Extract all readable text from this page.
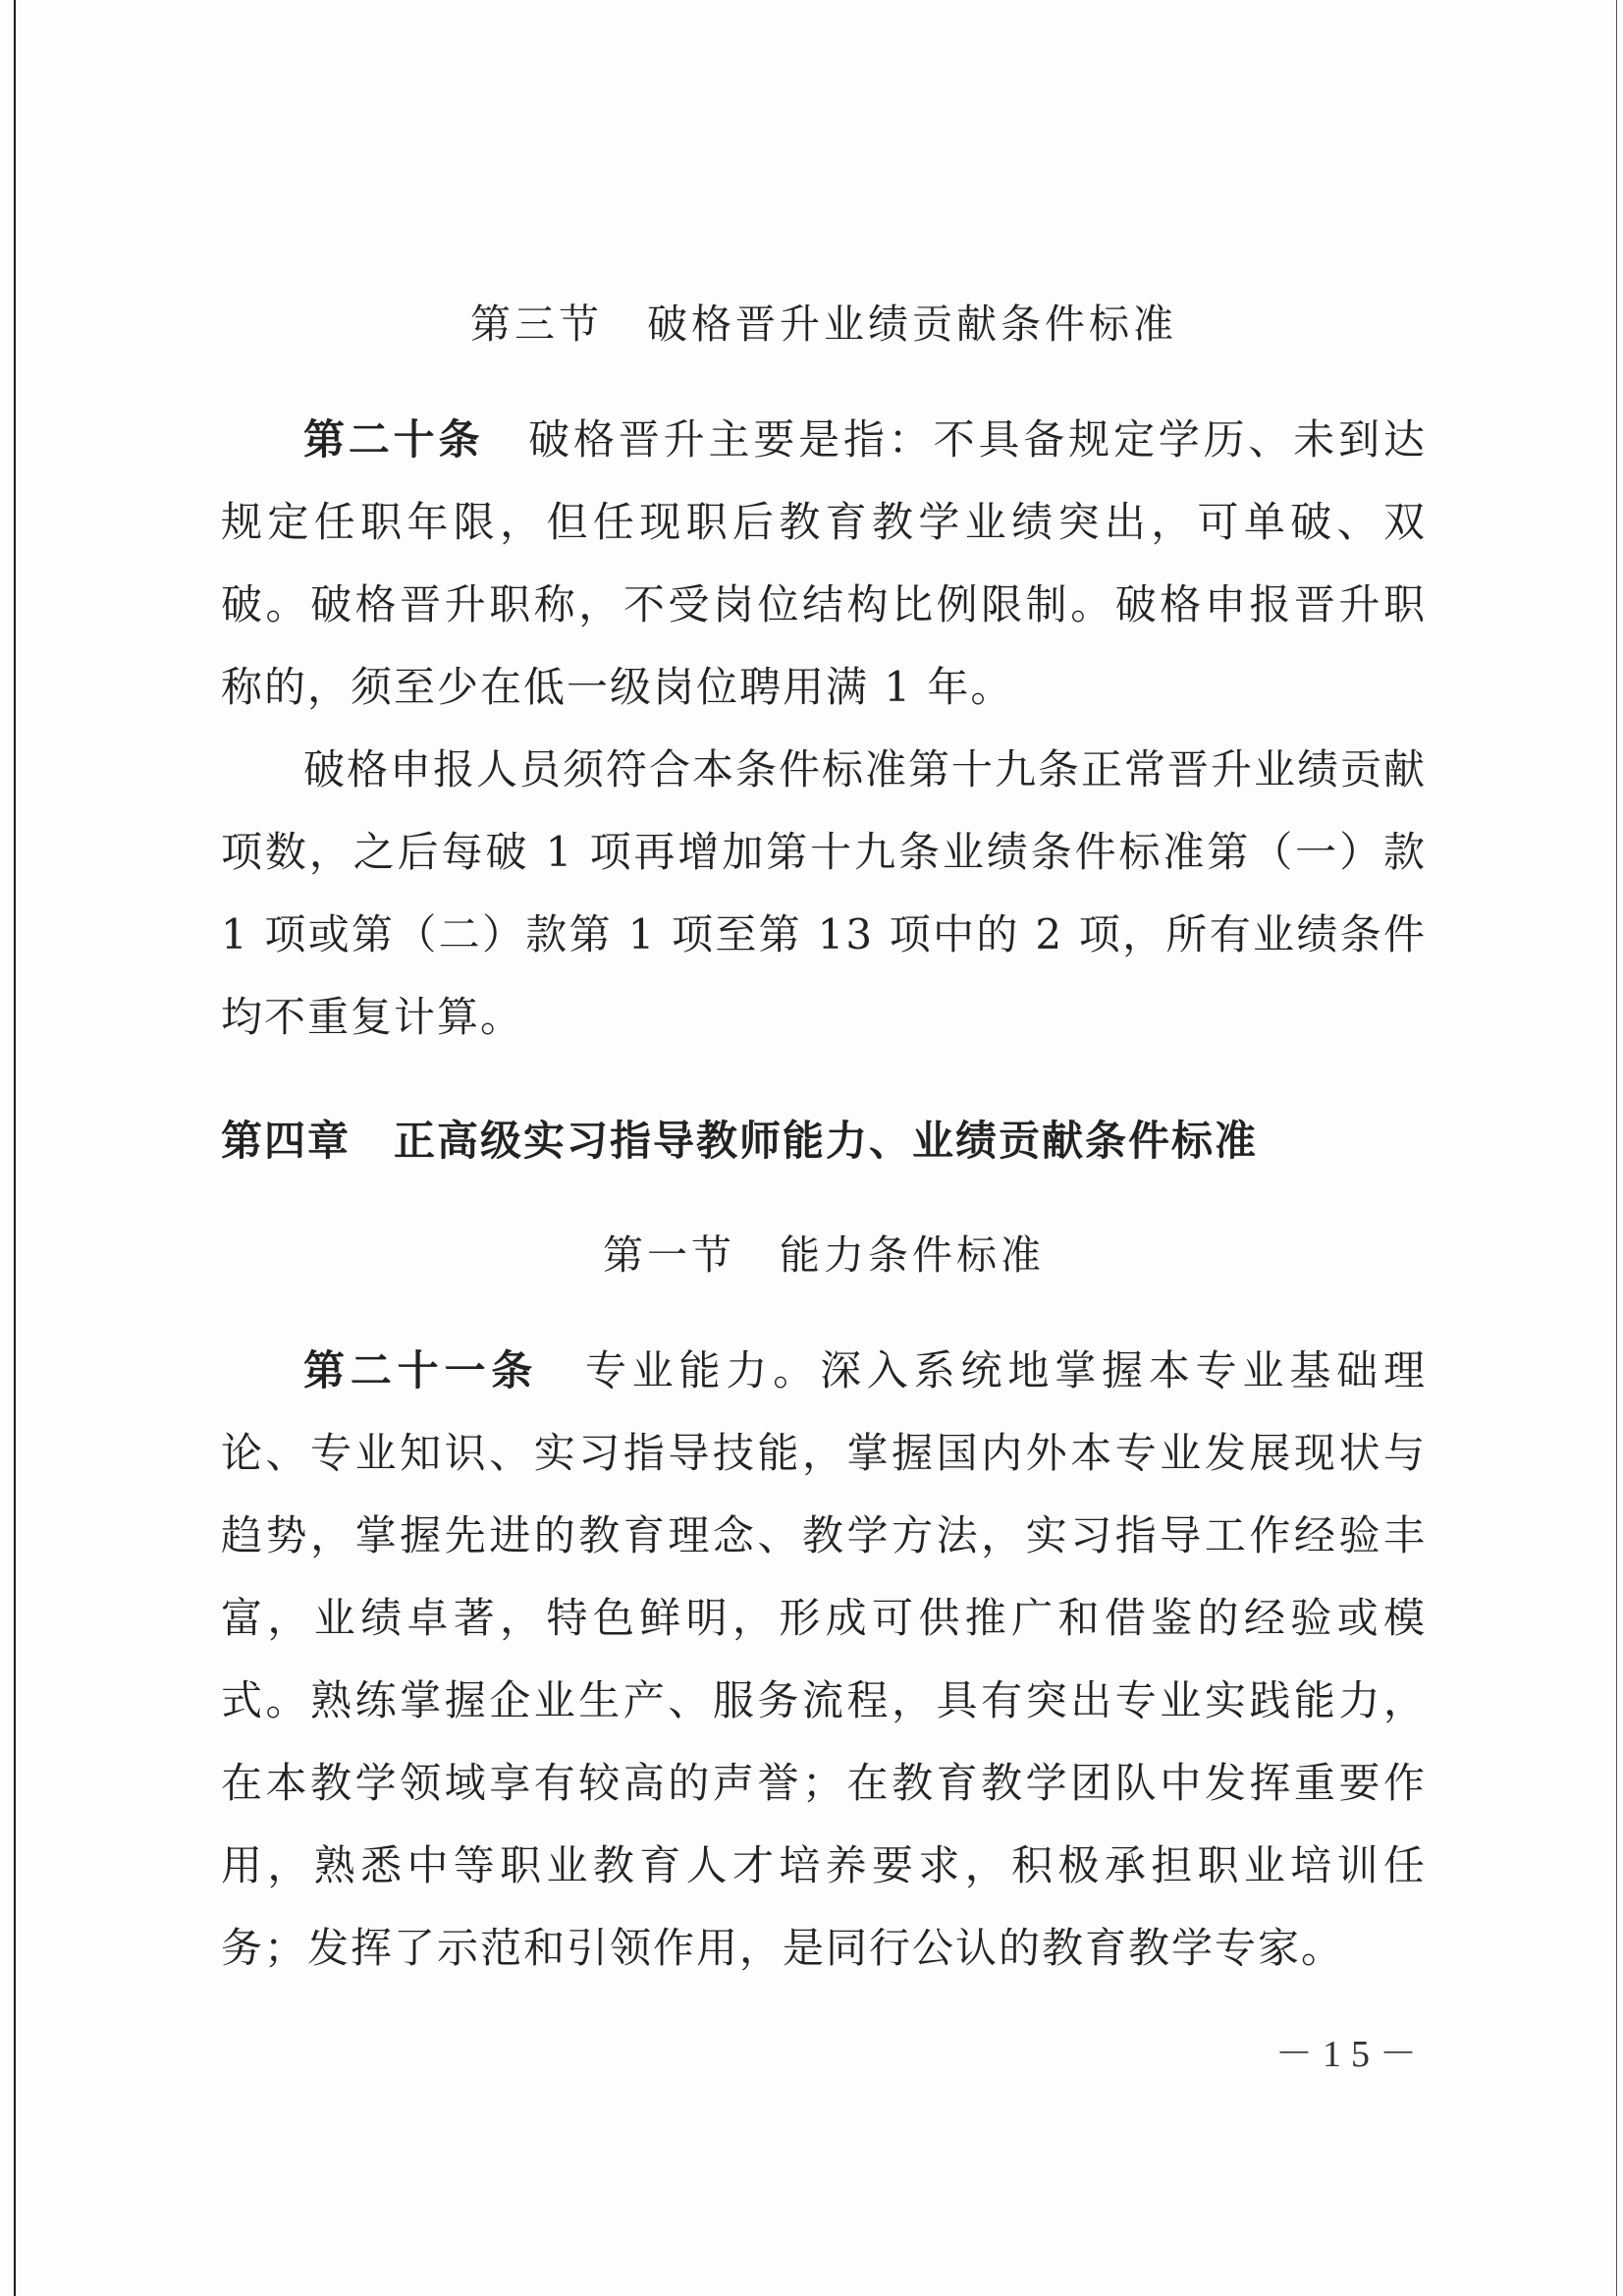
第三节　破格晋升业绩贡献条件标准

第二十条　 破格晋升主要是指：不具备规定学历、未到达规定任职年限，但任现职后教育教学业绩突出，可单破、双破。破格晋升职称，不受岗位结构比例限制。破格申报晋升职称的，须至少在低一级岗位聘用满 1 年。

破格申报人员须符合本条件标准第十九条正常晋升业绩贡献项数，之后每破 1 项再增加第十九条业绩条件标准第（一）款 1 项或第（二）款第 1 项至第 13 项中的 2 项，所有业绩条件均不重复计算。

第四章　正高级实习指导教师能力、业绩贡献条件标准
第一节　能力条件标准

第二十一条　 专业能力。深入系统地掌握本专业基础理论、专业知识、实习指导技能，掌握国内外本专业发展现状与趋势，掌握先进的教育理念、教学方法，实习指导工作经验丰富，业绩卓著，特色鲜明，形成可供推广和借鉴的经验或模式。熟练掌握企业生产、服务流程，具有突出专业实践能力，在本教学领域享有较高的声誉；在教育教学团队中发挥重要作用，熟悉中等职业教育人才培养要求，积极承担职业培训任务；发挥了示范和引领作用，是同行公认的教育教学专家。

－15－
